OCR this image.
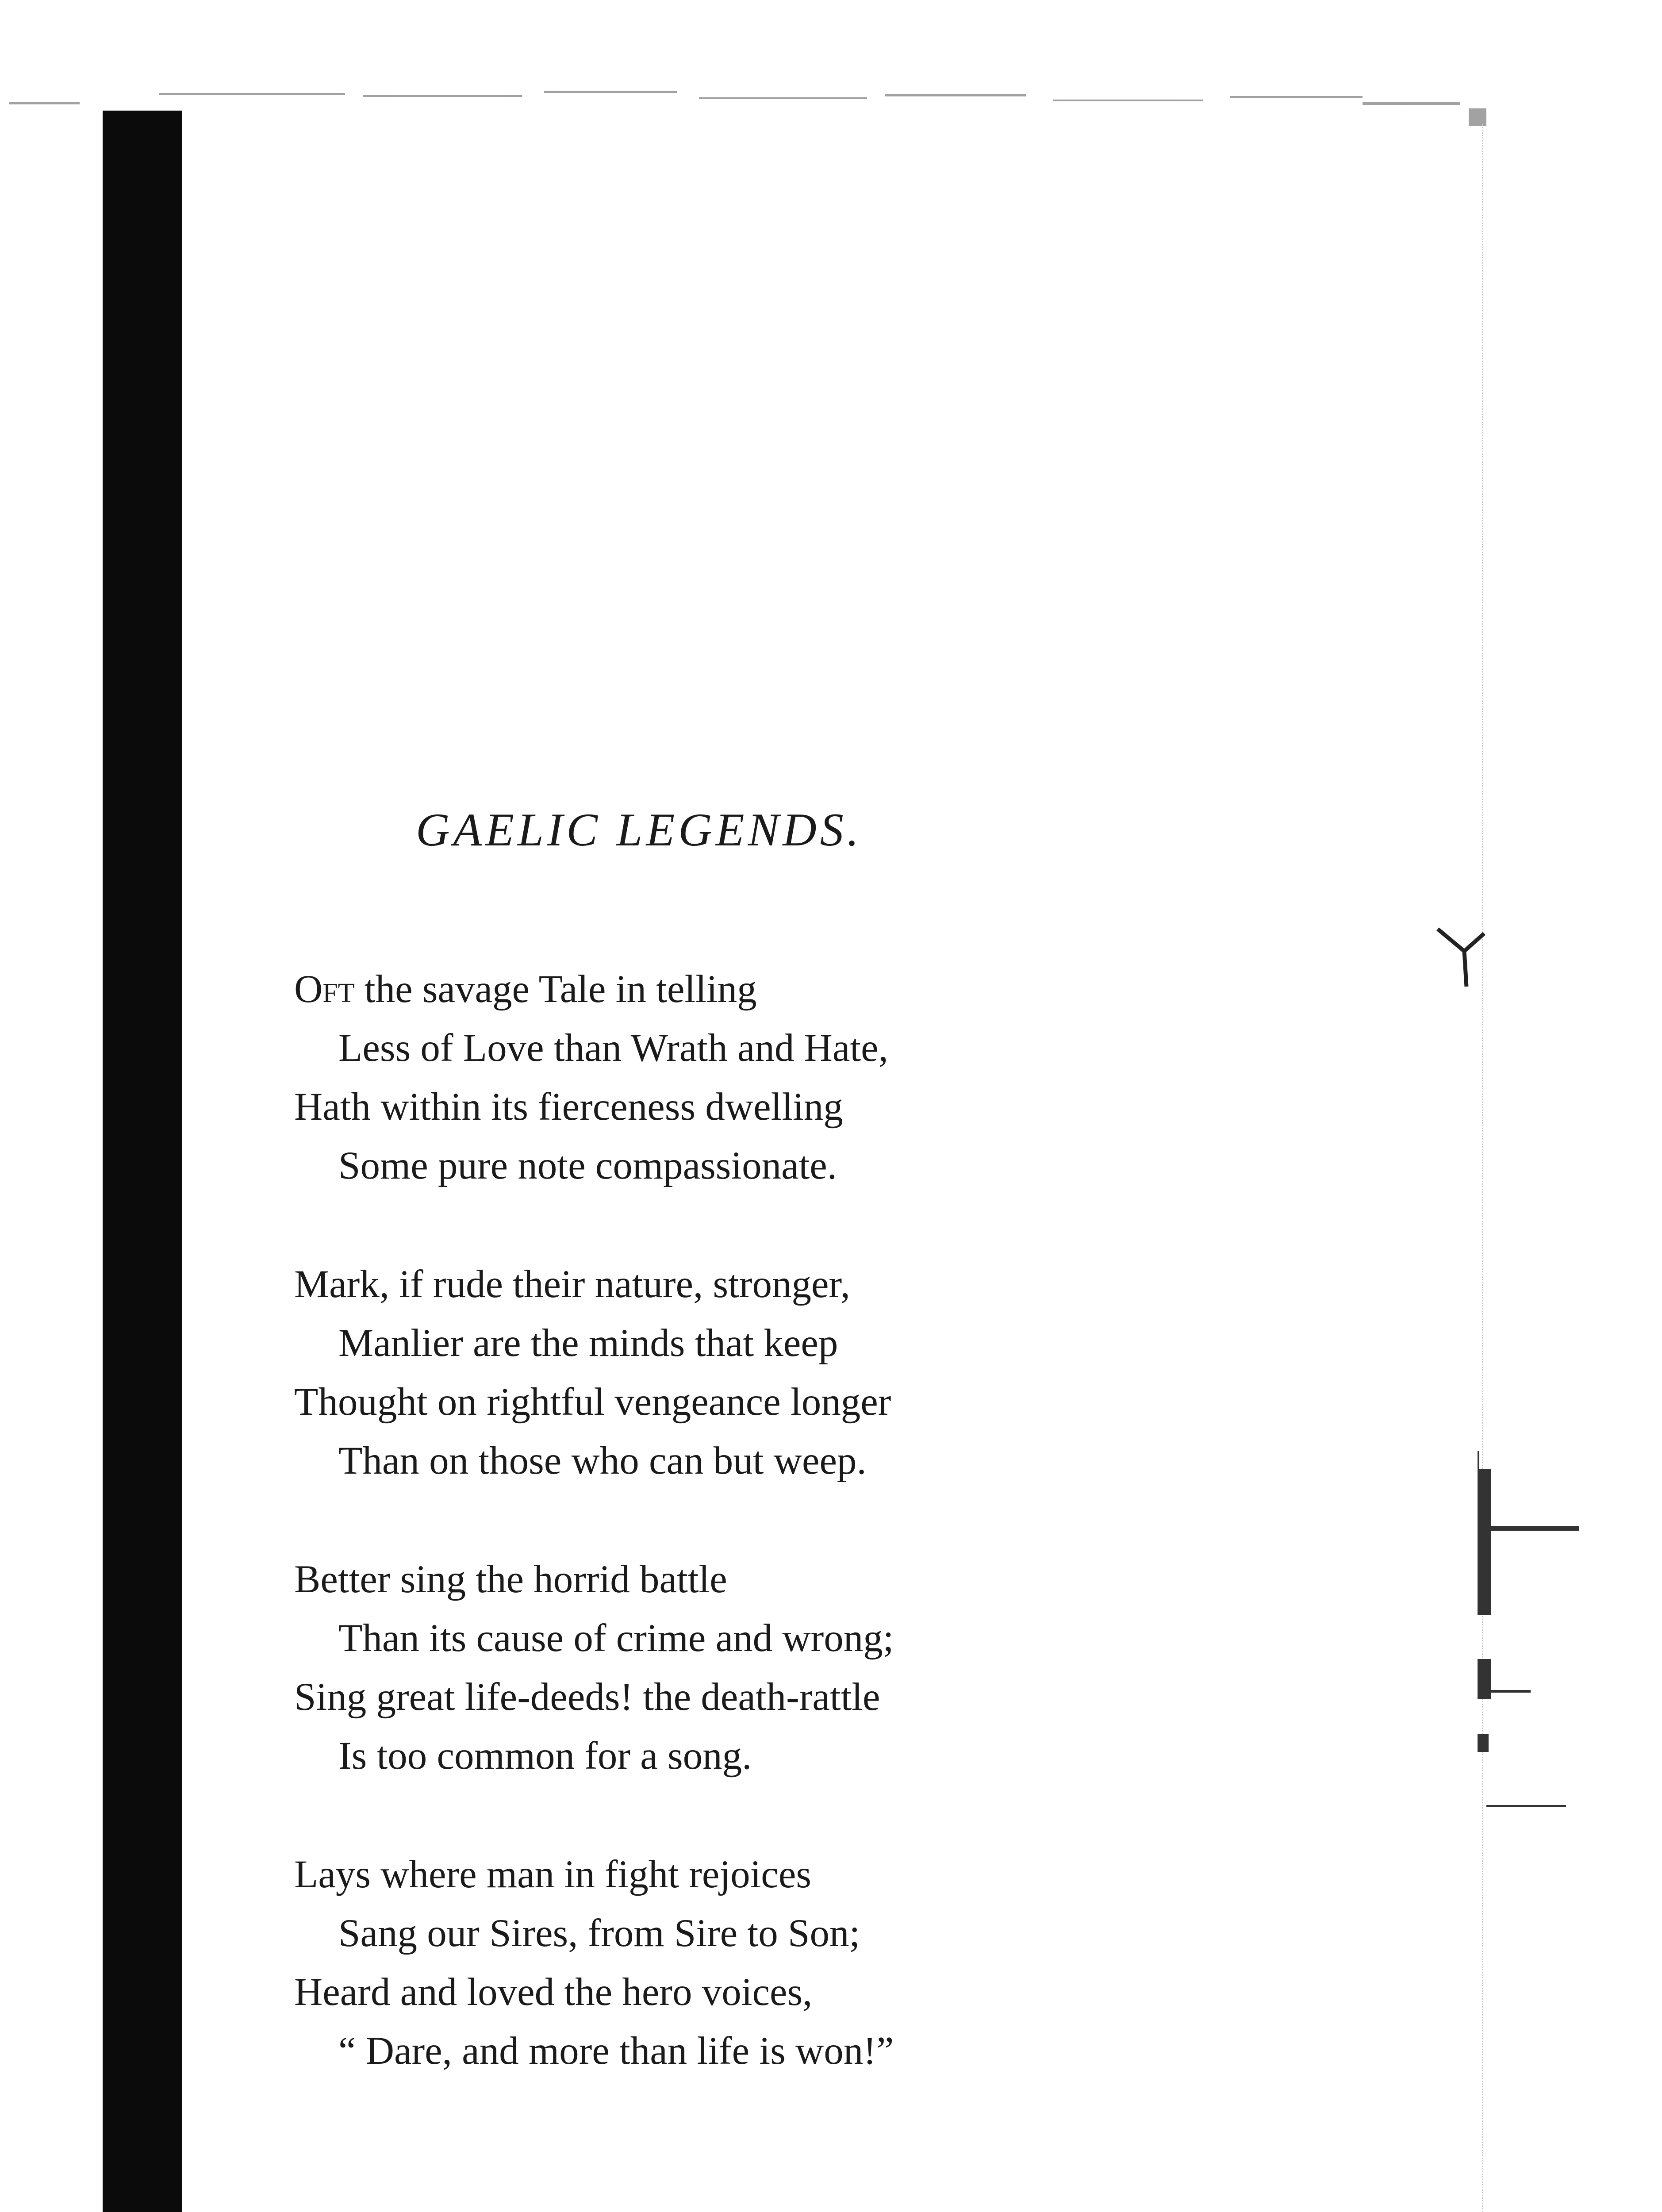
GAELIC LEGENDS.
Oft the savage Tale in telling
Less of Love than Wrath and Hate,
Hath within its fierceness dwelling
Some pure note compassionate.
Mark, if rude their nature, stronger,
Manlier are the minds that keep
Thought on rightful vengeance longer
Than on those who can but weep.
Better sing the horrid battle
Than its cause of crime and wrong;
Sing great life-deeds! the death-rattle
Is too common for a song.
Lays where man in fight rejoices
Sang our Sires, from Sire to Son;
Heard and loved the hero voices,
“ Dare, and more than life is won!”
